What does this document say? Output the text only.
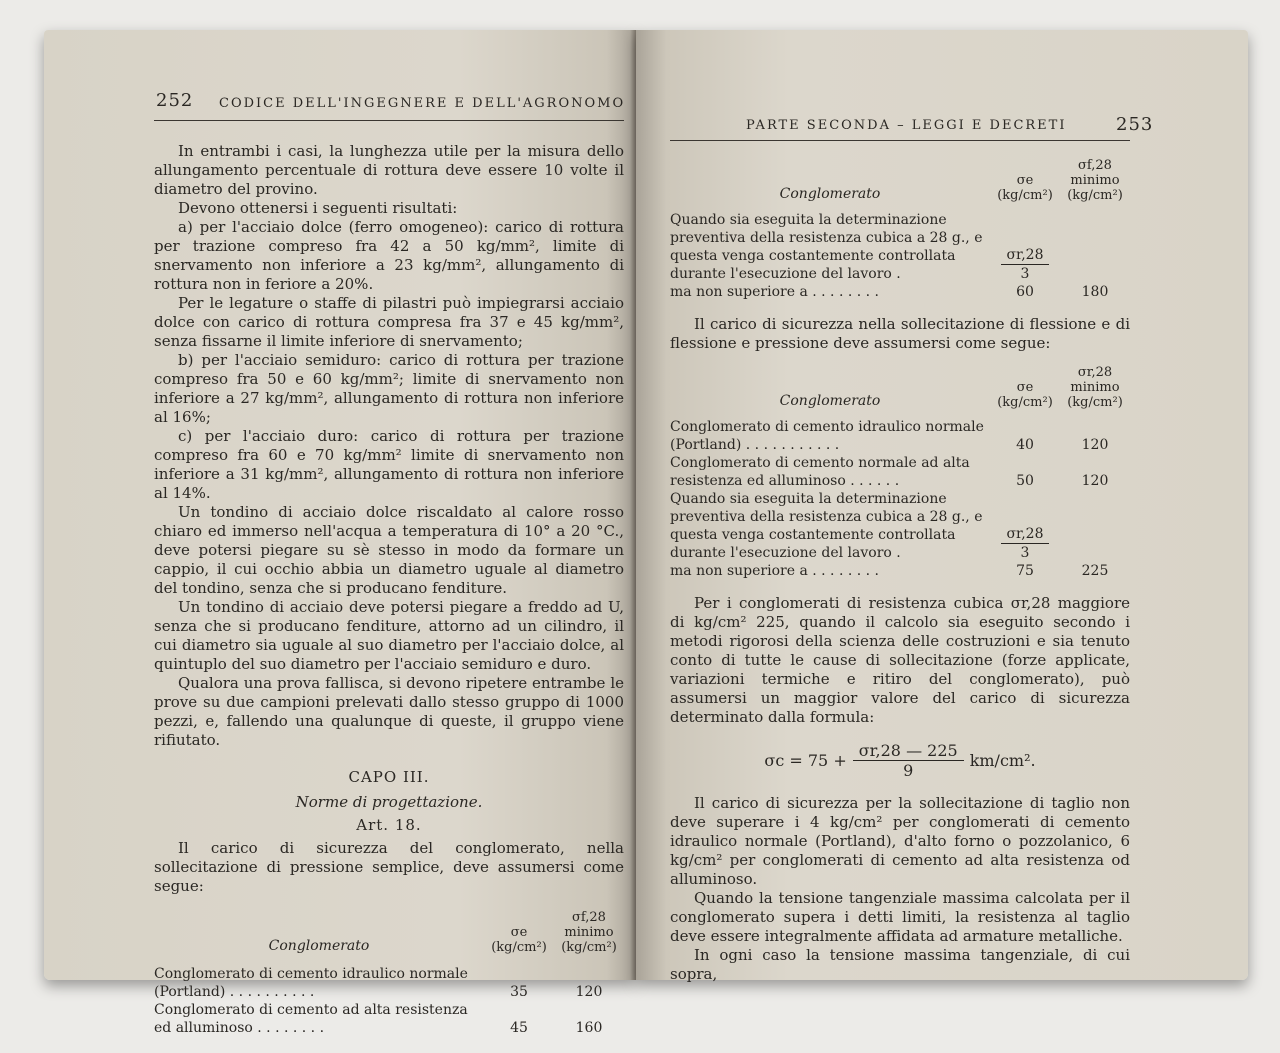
252 CODICE DELL'INGEGNERE E DELL'AGRONOMO

In entrambi i casi, la lunghezza utile per la misura dello allungamento percentuale di rottura deve essere 10 volte il diametro del provino.

Devono ottenersi i seguenti risultati:

a) per l'acciaio dolce (ferro omogeneo): carico di rottura per trazione compreso fra 42 a 50 kg/mm², limite di snervamento non inferiore a 23 kg/mm², allungamento di rottura non in feriore a 20%.

Per le legature o staffe di pilastri può impiegrarsi acciaio dolce con carico di rottura compresa fra 37 e 45 kg/mm², senza fissarne il limite inferiore di snervamento;

b) per l'acciaio semiduro: carico di rottura per trazione compreso fra 50 e 60 kg/mm²; limite di snervamento non inferiore a 27 kg/mm², allungamento di rottura non inferiore al 16%;

c) per l'acciaio duro: carico di rottura per trazione compreso fra 60 e 70 kg/mm² limite di snervamento non inferiore a 31 kg/mm², allungamento di rottura non inferiore al 14%.

Un tondino di acciaio dolce riscaldato al calore rosso chiaro ed immerso nell'acqua a temperatura di 10° a 20 °C., deve potersi piegare su sè stesso in modo da formare un cappio, il cui occhio abbia un diametro uguale al diametro del tondino, senza che si producano fenditure.

Un tondino di acciaio deve potersi piegare a freddo ad U, senza che si producano fenditure, attorno ad un cilindro, il cui diametro sia uguale al suo diametro per l'acciaio dolce, al quintuplo del suo diametro per l'acciaio semiduro e duro.

Qualora una prova fallisca, si devono ripetere entrambe le prove su due campioni prelevati dallo stesso gruppo di 1000 pezzi, e, fallendo una qualunque di queste, il gruppo viene rifiutato.

CAPO III.

Norme di progettazione.

Art. 18.

Il carico di sicurezza del conglomerato, nella sollecitazione di pressione semplice, deve assumersi come segue:

Conglomerato	σe (kg/cm²)	σf,28 minimo (kg/cm²)
Conglomerato di cemento idraulico normale (Portland) . . . . . . . . . .	35	120
Conglomerato di cemento ad alta resistenza ed alluminoso . . . . . . . .	45	160
PARTE SECONDA – LEGGI E DECRETI	253
Conglomerato	σe (kg/cm²)	σf,28 minimo (kg/cm²)
Quando sia eseguita la determinazione preventiva della resistenza cubica a 28 g., e questa venga costantemente controllata durante l'esecuzione del lavoro .	$\frac{\sigma r,28}{3}$

ma non superiore a . . . . . . . .	60	180

Il carico di sicurezza nella sollecitazione di flessione e di flessione e pressione deve assumersi come segue:

Conglomerato	σe (kg/cm²)	σr,28 minimo (kg/cm²)
Conglomerato di cemento idraulico normale (Portland) . . . . . . . . . . .	40	120
Conglomerato di cemento normale ad alta resistenza ed alluminoso . . . . . .	50	120
Quando sia eseguita la determinazione preventiva della resistenza cubica a 28 g., e questa venga costantemente controllata durante l'esecuzione del lavoro .	$\frac{\sigma r,28}{3}$

ma non superiore a . . . . . . . .	75	225

Per i conglomerati di resistenza cubica σr,28 maggiore di kg/cm² 225, quando il calcolo sia eseguito secondo i metodi rigorosi della scienza delle costruzioni e sia tenuto conto di tutte le cause di sollecitazione (forze applicate, variazioni termiche e ritiro del conglomerato), può assumersi un maggior valore del carico di sicurezza determinato dalla formula:

$\sigma c = 75 + \frac{\sigma r,28 — 225}{9} km/cm^2$.

Il carico di sicurezza per la sollecitazione di taglio non deve superare i 4 kg/cm² per conglomerati di cemento idraulico normale (Portland), d'alto forno o pozzolanico, 6 kg/cm² per conglomerati di cemento ad alta resistenza od alluminoso.

Quando la tensione tangenziale massima calcolata per il conglomerato supera i detti limiti, la resistenza al taglio deve essere integralmente affidata ad armature metalliche.

In ogni caso la tensione massima tangenziale, di cui sopra,
